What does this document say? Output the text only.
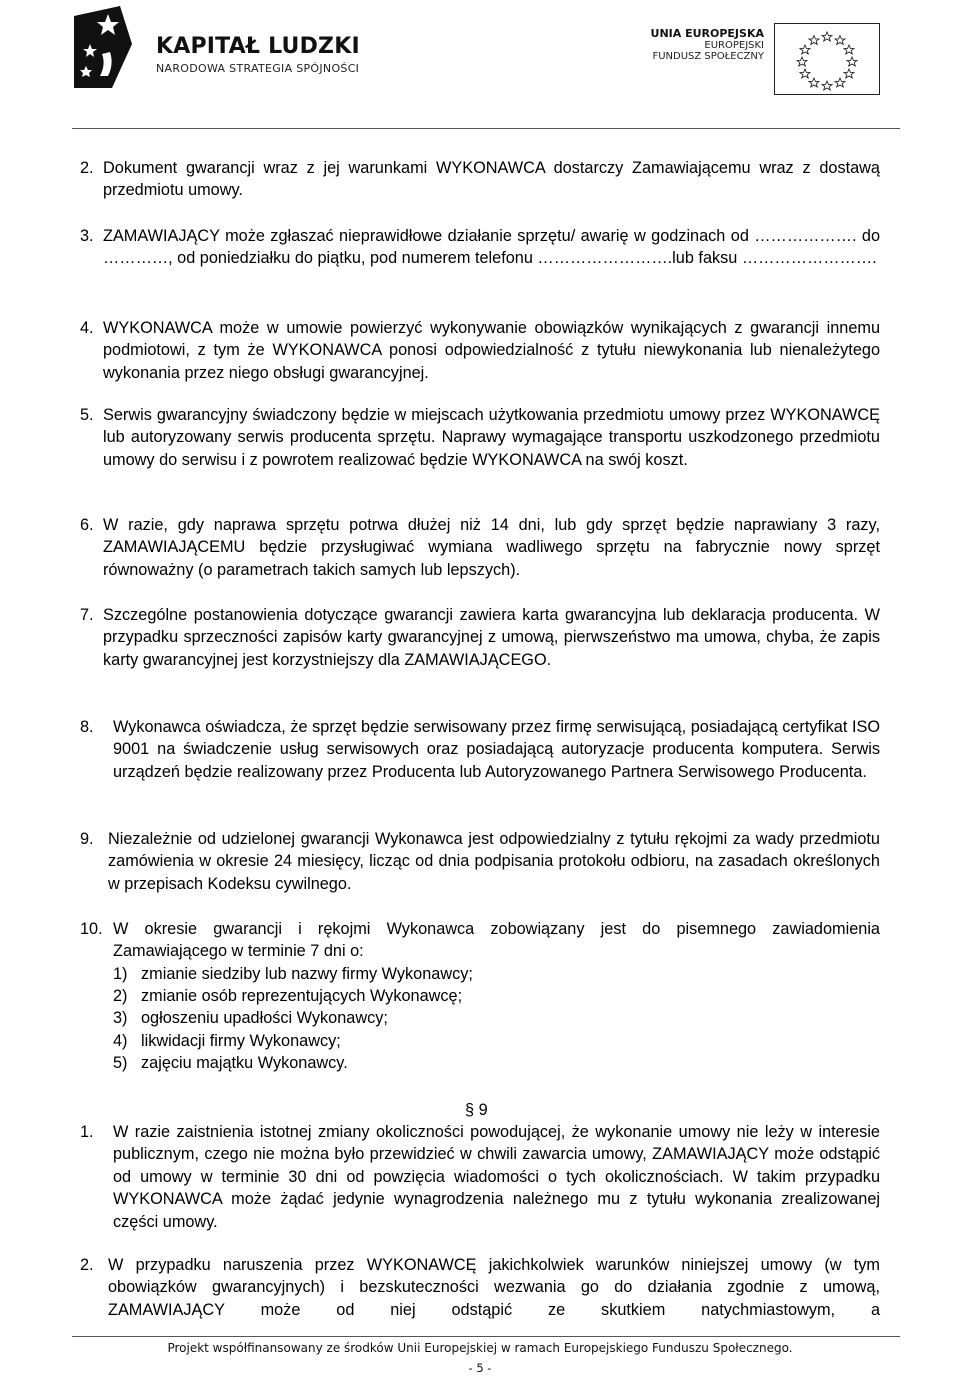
KAPITAŁ LUDZKI
NARODOWA STRATEGIA SPÓJNOŚCI
UNIA EUROPEJSKA
EUROPEJSKI
FUNDUSZ SPOŁECZNY
2. Dokument gwarancji wraz z jej warunkami WYKONAWCA dostarczy Zamawiającemu wraz z dostawą przedmiotu umowy.
3. ZAMAWIAJĄCY może zgłaszać nieprawidłowe działanie sprzętu/ awarię w godzinach od ………………. do …………, od poniedziałku do piątku, pod numerem telefonu …………………….lub faksu …………………….
4. WYKONAWCA może w umowie powierzyć wykonywanie obowiązków wynikających z gwarancji innemu podmiotowi, z tym że WYKONAWCA ponosi odpowiedzialność z tytułu niewykonania lub nienależytego wykonania przez niego obsługi gwarancyjnej.
5. Serwis gwarancyjny świadczony będzie w miejscach użytkowania przedmiotu umowy przez WYKONAWCĘ lub autoryzowany serwis producenta sprzętu. Naprawy wymagające transportu uszkodzonego przedmiotu umowy do serwisu i z powrotem realizować będzie WYKONAWCA na swój koszt.
6. W razie, gdy naprawa sprzętu potrwa dłużej niż 14 dni, lub gdy sprzęt będzie naprawiany 3 razy, ZAMAWIAJĄCEMU będzie przysługiwać wymiana wadliwego sprzętu na fabrycznie nowy sprzęt równoważny (o parametrach takich samych lub lepszych).
7. Szczególne postanowienia dotyczące gwarancji zawiera karta gwarancyjna lub deklaracja producenta. W przypadku sprzeczności zapisów karty gwarancyjnej z umową, pierwszeństwo ma umowa, chyba, że zapis karty gwarancyjnej jest korzystniejszy dla ZAMAWIAJĄCEGO.
8. Wykonawca oświadcza, że sprzęt będzie serwisowany przez firmę serwisującą, posiadającą certyfikat ISO 9001 na świadczenie usług serwisowych oraz posiadającą autoryzacje producenta komputera. Serwis urządzeń będzie realizowany przez Producenta lub Autoryzowanego Partnera Serwisowego Producenta.
9. Niezależnie od udzielonej gwarancji Wykonawca jest odpowiedzialny z tytułu rękojmi za wady przedmiotu zamówienia w okresie 24 miesięcy, licząc od dnia podpisania protokołu odbioru, na zasadach określonych w przepisach Kodeksu cywilnego.
10. W okresie gwarancji i rękojmi Wykonawca zobowiązany jest do pisemnego zawiadomienia Zamawiającego w terminie 7 dni o:
1) zmianie siedziby lub nazwy firmy Wykonawcy;
2) zmianie osób reprezentujących Wykonawcę;
3) ogłoszeniu upadłości Wykonawcy;
4) likwidacji firmy Wykonawcy;
5) zajęciu majątku Wykonawcy.
§ 9
1. W razie zaistnienia istotnej zmiany okoliczności powodującej, że wykonanie umowy nie leży w interesie publicznym, czego nie można było przewidzieć w chwili zawarcia umowy, ZAMAWIAJĄCY może odstąpić od umowy w terminie 30 dni od powzięcia wiadomości o tych okolicznościach. W takim przypadku WYKONAWCA może żądać jedynie wynagrodzenia należnego mu z tytułu wykonania zrealizowanej części umowy.
2. W przypadku naruszenia przez WYKONAWCĘ jakichkolwiek warunków niniejszej umowy (w tym obowiązków gwarancyjnych) i bezskuteczności wezwania go do działania zgodnie z umową, ZAMAWIAJĄCY może od niej odstąpić ze skutkiem natychmiastowym, a
Projekt współfinansowany ze środków Unii Europejskiej w ramach Europejskiego Funduszu Społecznego.
- 5 -
